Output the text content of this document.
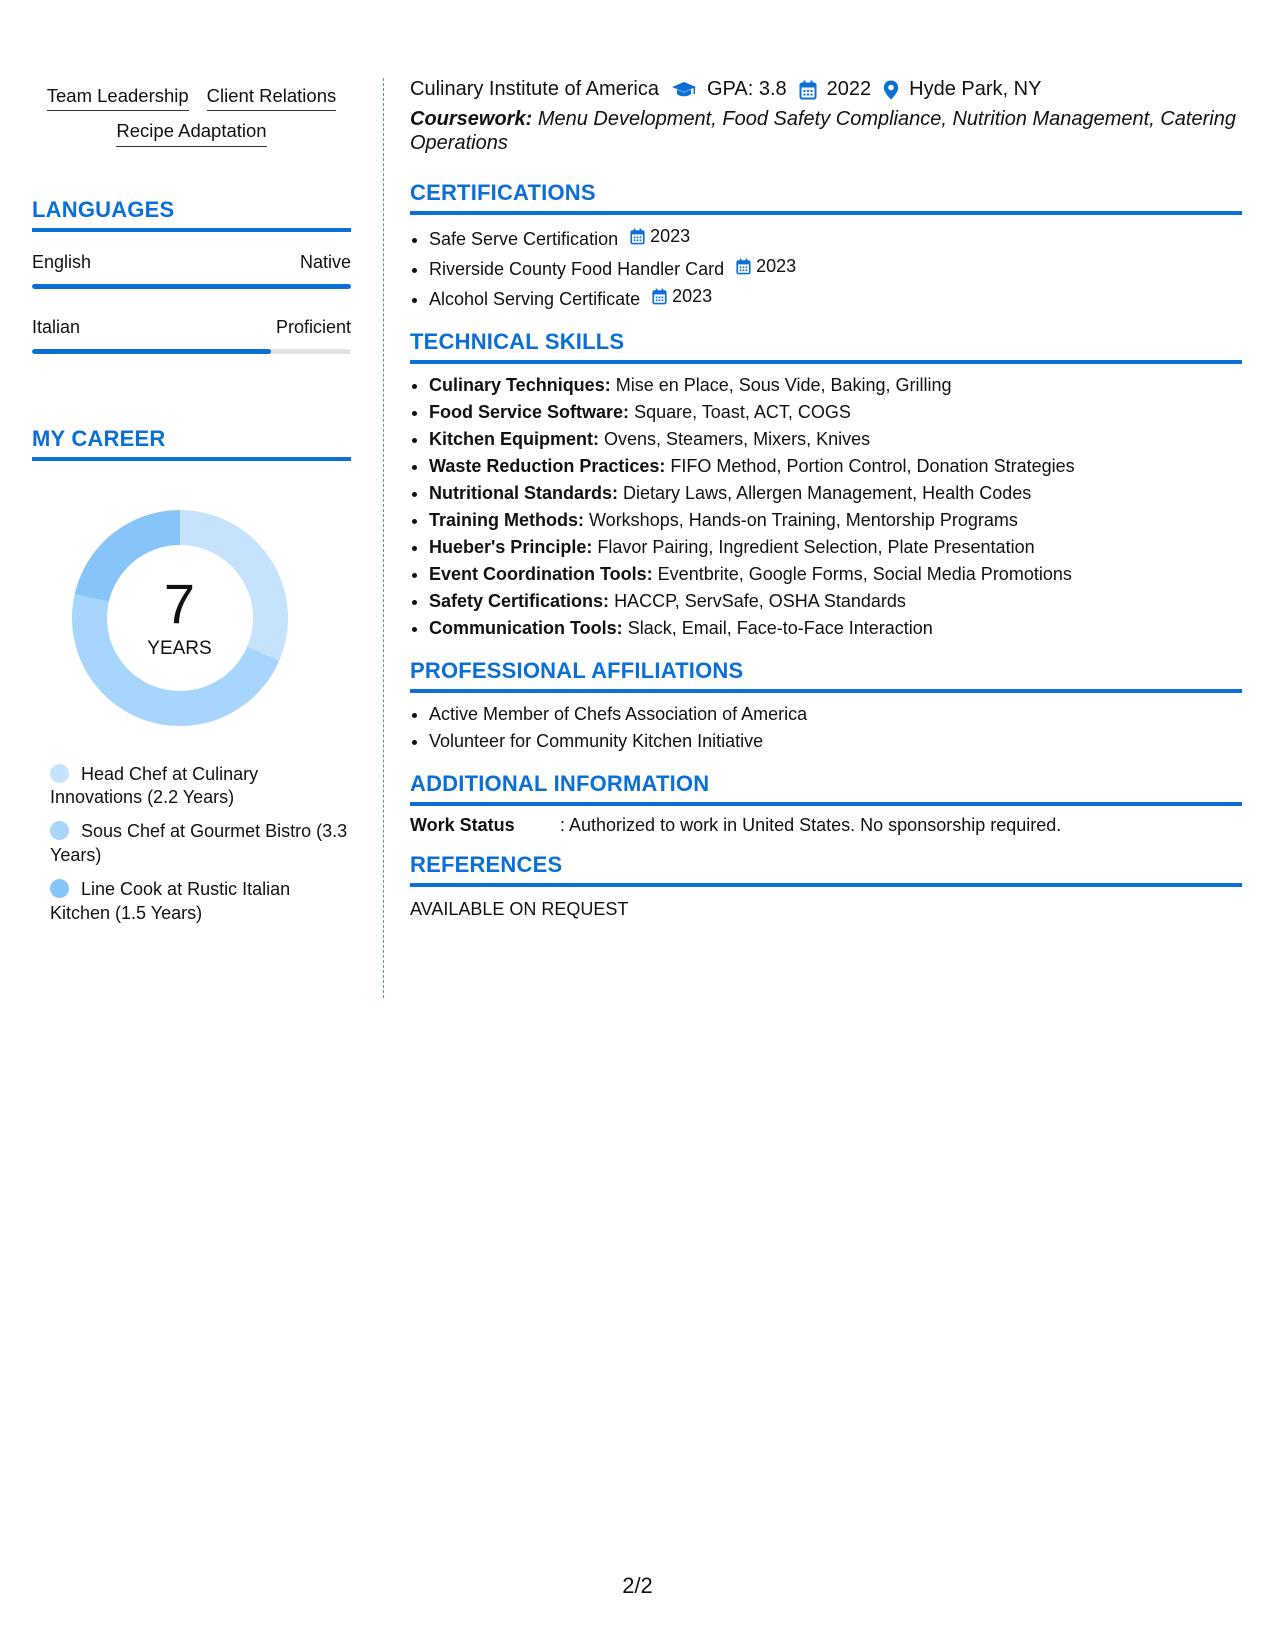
Team Leadership Client Relations
Recipe Adaptation
LANGUAGES
English	Native
Italian	Proficient
MY CAREER
7
YEARS
Head Chef at Culinary Innovations (2.2 Years)
Sous Chef at Gourmet Bistro (3.3 Years)
Line Cook at Rustic Italian Kitchen (1.5 Years)
Culinary Institute of America GPA: 3.8 2022 Hyde Park, NY
Coursework: Menu Development, Food Safety Compliance, Nutrition Management, Catering Operations
CERTIFICATIONS
• Safe Serve Certification 2023
• Riverside County Food Handler Card 2023
• Alcohol Serving Certificate 2023
TECHNICAL SKILLS
• Culinary Techniques: Mise en Place, Sous Vide, Baking, Grilling
• Food Service Software: Square, Toast, ACT, COGS
• Kitchen Equipment: Ovens, Steamers, Mixers, Knives
• Waste Reduction Practices: FIFO Method, Portion Control, Donation Strategies
• Nutritional Standards: Dietary Laws, Allergen Management, Health Codes
• Training Methods: Workshops, Hands-on Training, Mentorship Programs
• Hueber's Principle: Flavor Pairing, Ingredient Selection, Plate Presentation
• Event Coordination Tools: Eventbrite, Google Forms, Social Media Promotions
• Safety Certifications: HACCP, ServSafe, OSHA Standards
• Communication Tools: Slack, Email, Face-to-Face Interaction
PROFESSIONAL AFFILIATIONS
• Active Member of Chefs Association of America
• Volunteer for Community Kitchen Initiative
ADDITIONAL INFORMATION
Work Status	: Authorized to work in United States. No sponsorship required.
REFERENCES
AVAILABLE ON REQUEST
2/2
